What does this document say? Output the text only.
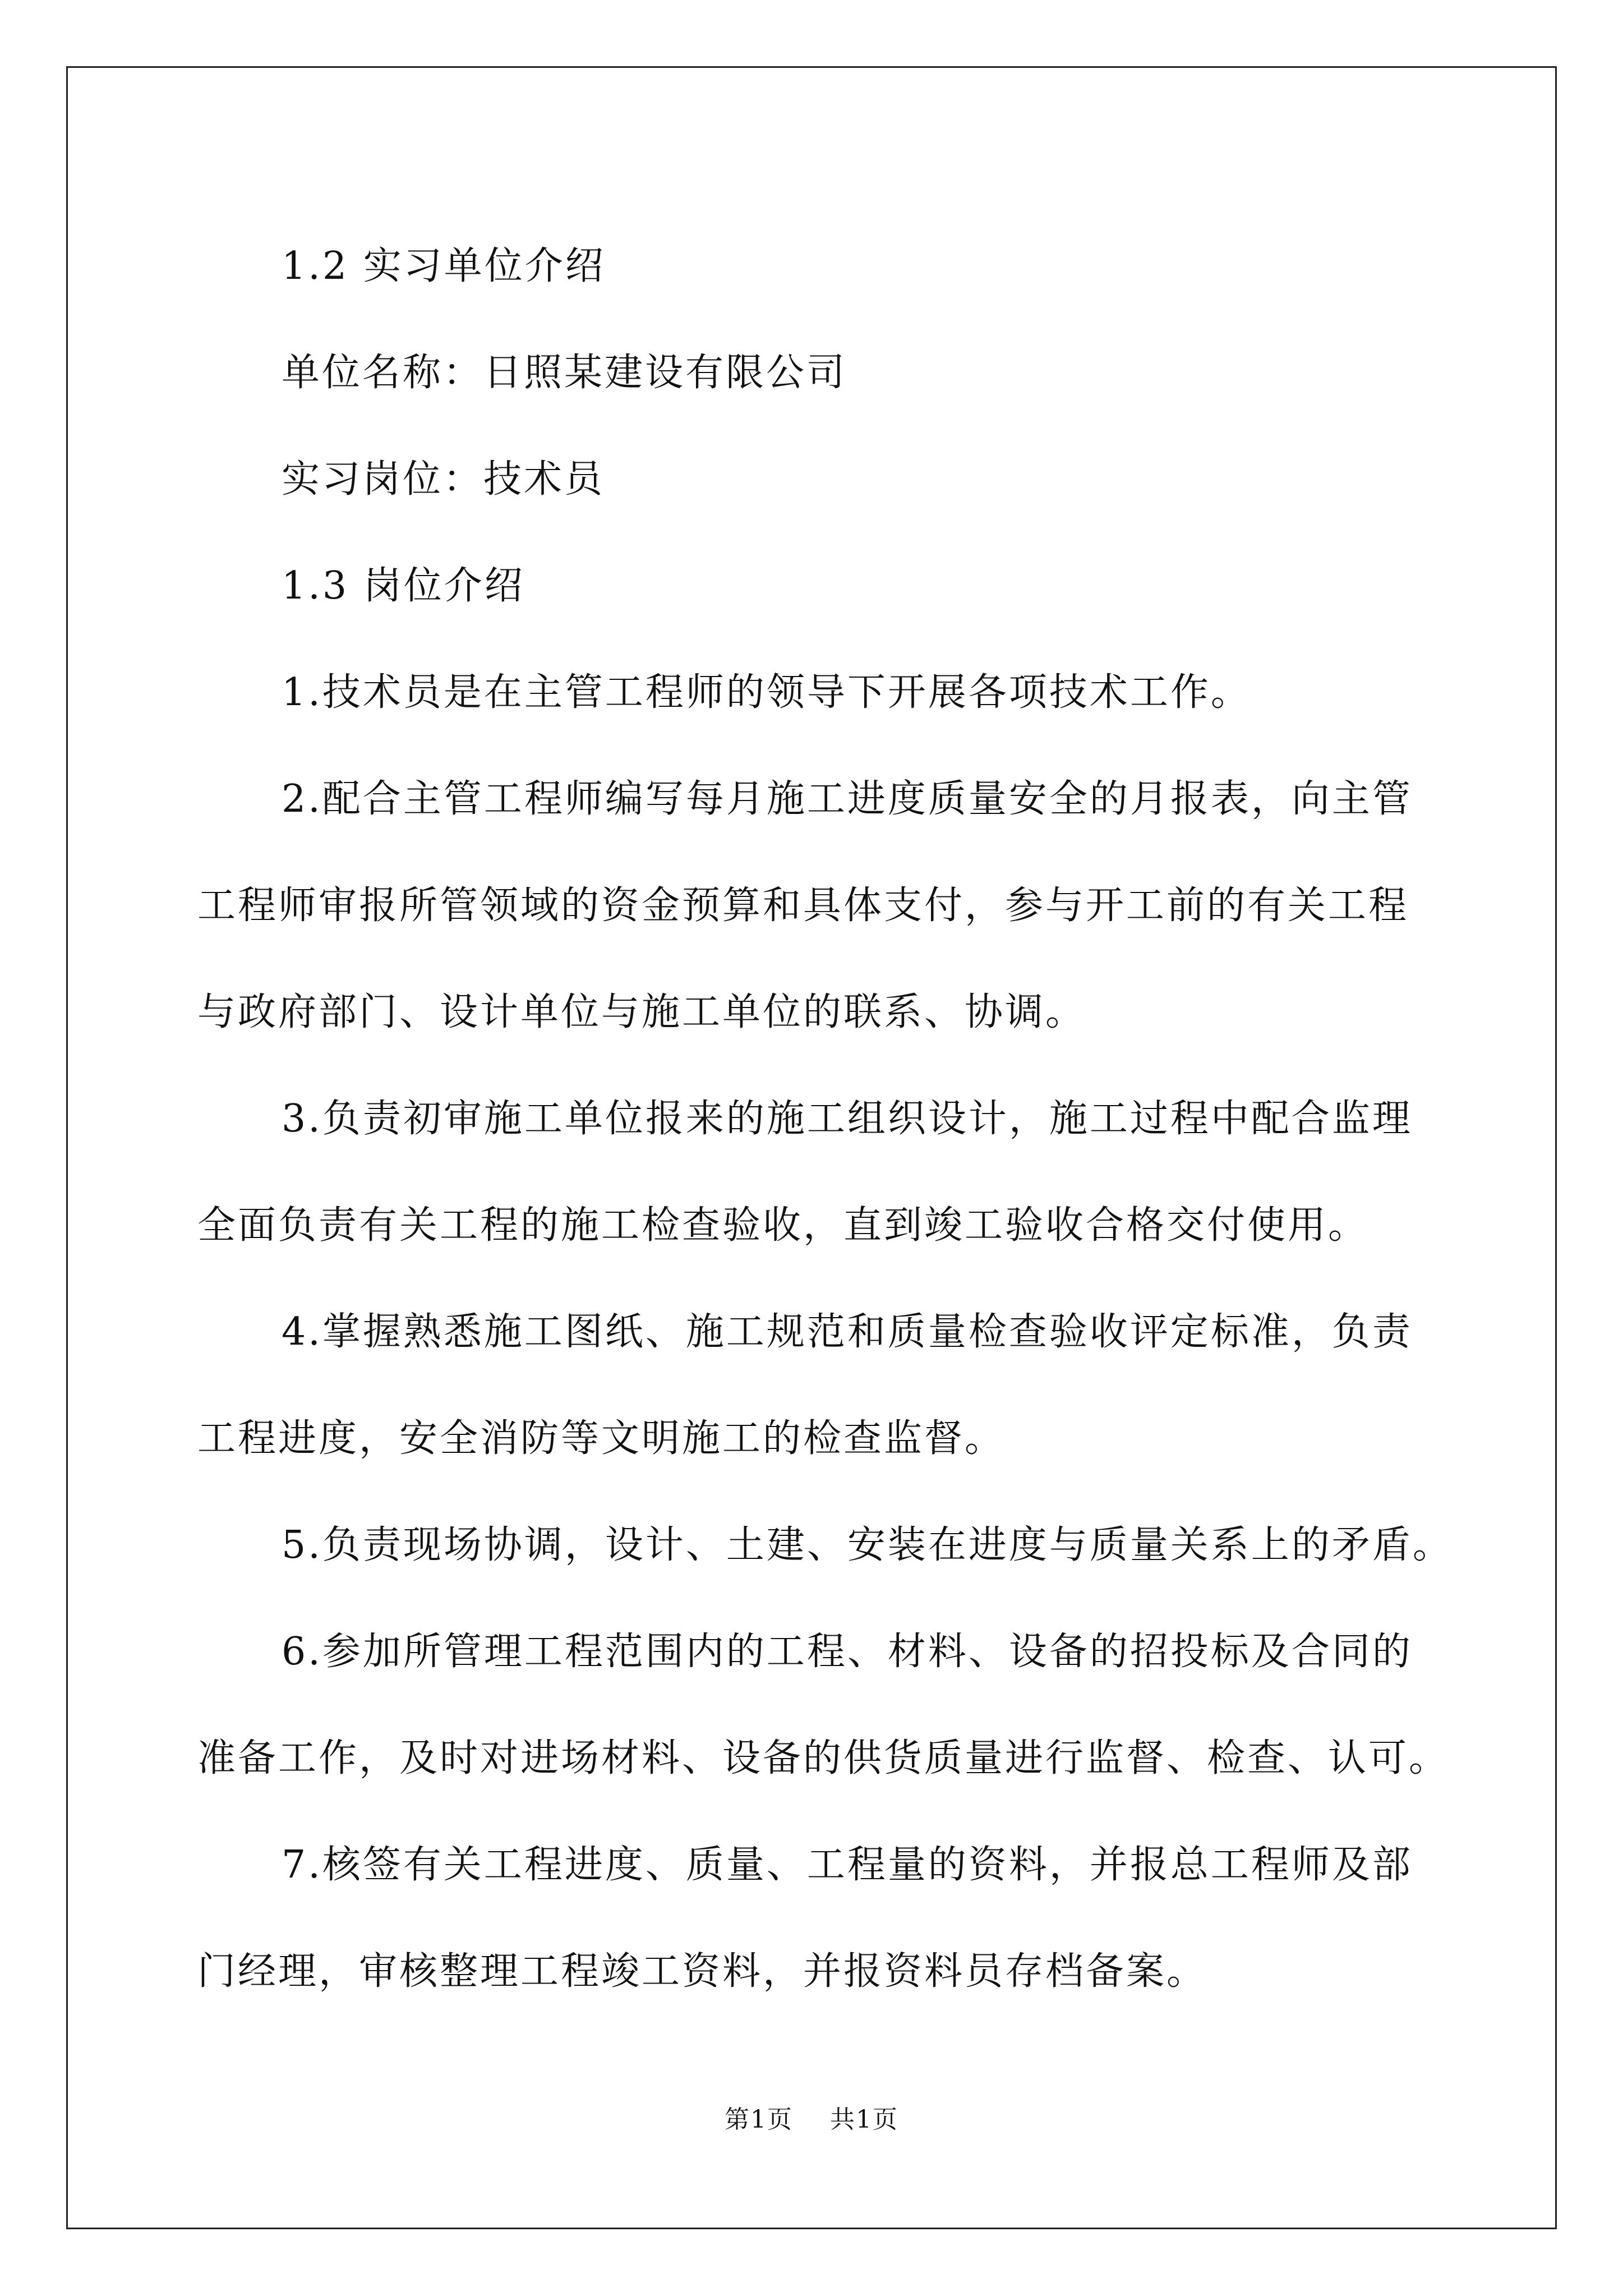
1.2 实习单位介绍
单位名称：日照某建设有限公司
实习岗位：技术员
1.3 岗位介绍
1.技术员是在主管工程师的领导下开展各项技术工作。
2.配合主管工程师编写每月施工进度质量安全的月报表，向主管
工程师审报所管领域的资金预算和具体支付，参与开工前的有关工程
与政府部门、设计单位与施工单位的联系、协调。
3.负责初审施工单位报来的施工组织设计，施工过程中配合监理
全面负责有关工程的施工检查验收，直到竣工验收合格交付使用。
4.掌握熟悉施工图纸、施工规范和质量检查验收评定标准，负责
工程进度，安全消防等文明施工的检查监督。
5.负责现场协调，设计、土建、安装在进度与质量关系上的矛盾。
6.参加所管理工程范围内的工程、材料、设备的招投标及合同的
准备工作，及时对进场材料、设备的供货质量进行监督、检查、认可。
7.核签有关工程进度、质量、工程量的资料，并报总工程师及部
门经理，审核整理工程竣工资料，并报资料员存档备案。
第1页 共1页
